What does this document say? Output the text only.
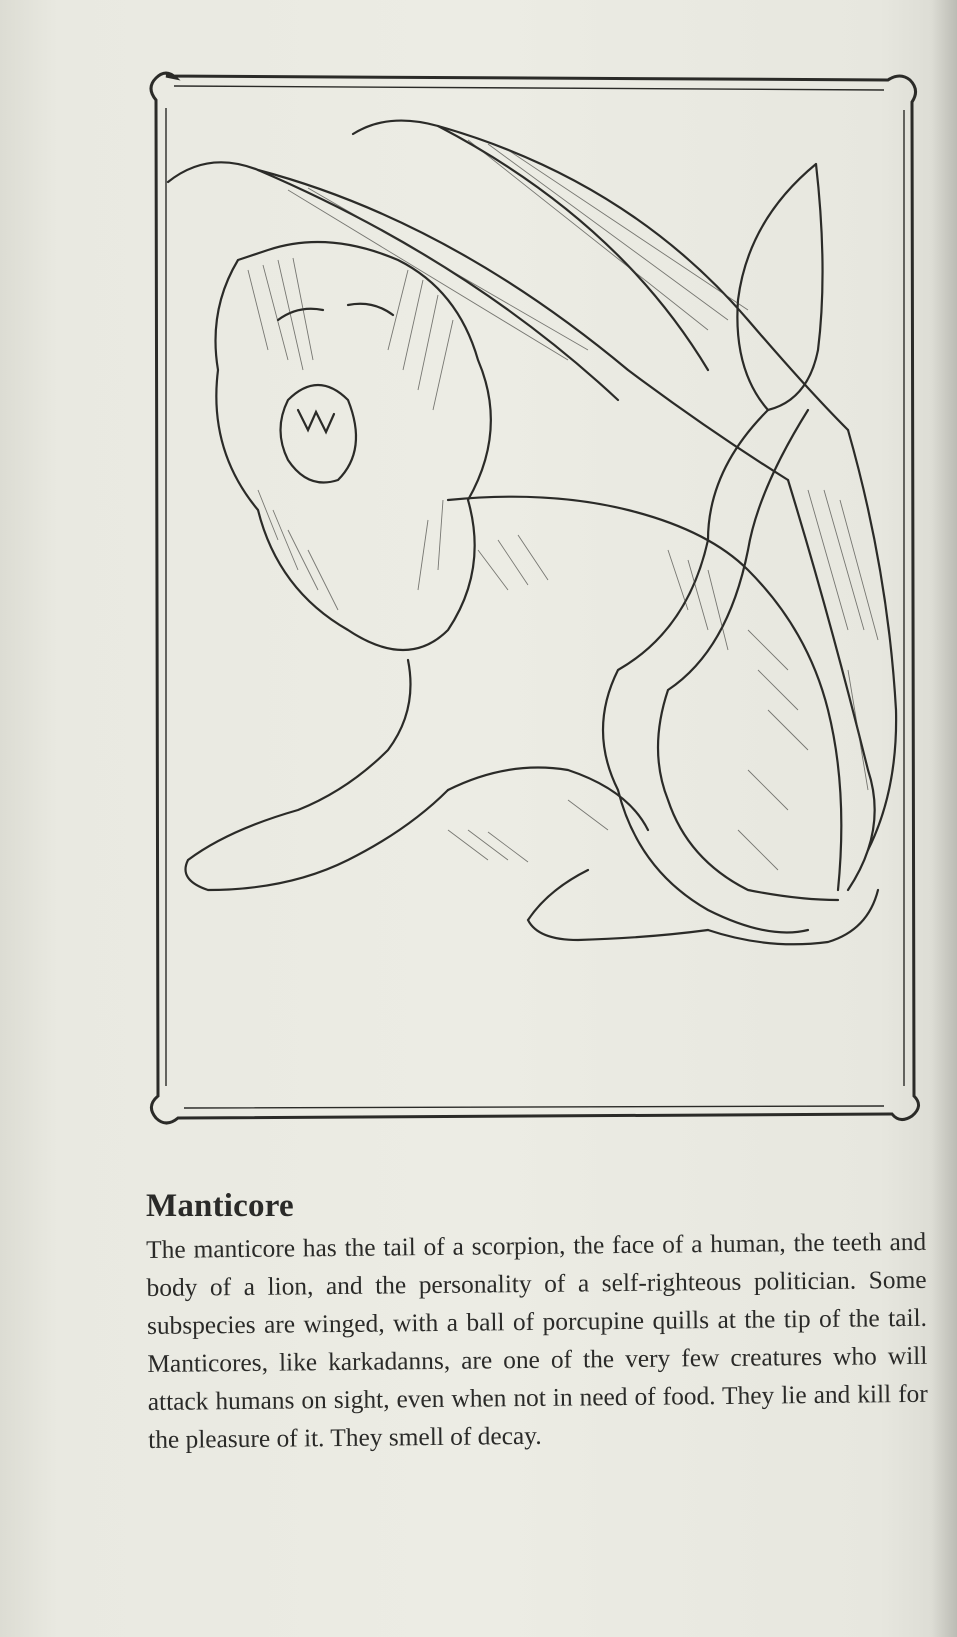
Manticore

The manticore has the tail of a scorpion, the face of a human, the teeth and body of a lion, and the personality of a self-righteous politician. Some subspecies are winged, with a ball of porcupine quills at the tip of the tail. Manticores, like karkadanns, are one of the very few creatures who will attack humans on sight, even when not in need of food. They lie and kill for the pleasure of it. They smell of decay.
